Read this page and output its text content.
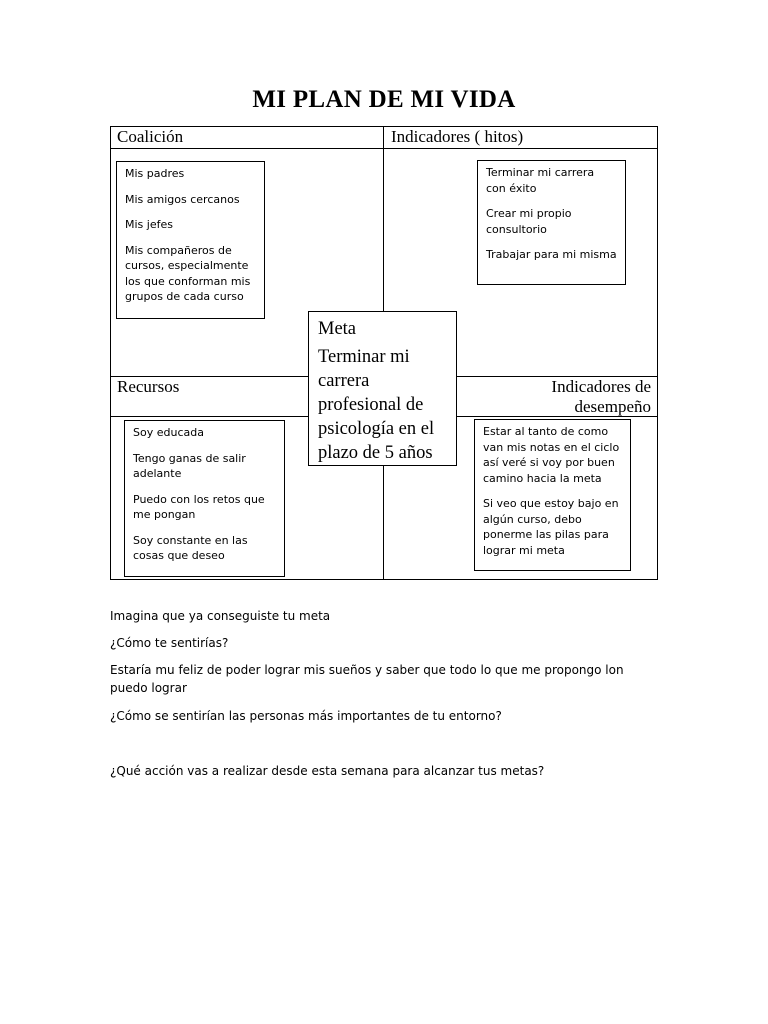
MI PLAN DE MI VIDA
Coalición	Indicadores ( hitos)
Recursos	Indicadores de
desempeño

Mis padres

Mis amigos cercanos

Mis jefes

Mis compañeros de cursos, especialmente los que conforman mis grupos de cada curso

Terminar mi carrera con éxito

Crear mi propio consultorio

Trabajar para mi misma

Soy educada

Tengo ganas de salir adelante

Puedo con los retos que me pongan

Soy constante en las cosas que deseo

Estar al tanto de como van mis notas en el ciclo así veré si voy por buen camino hacia la meta

Si veo que estoy bajo en algún curso, debo ponerme las pilas para lograr mi meta

Meta

Terminar mi carrera profesional de psicología en el plazo de 5 años

Imagina que ya conseguiste tu meta
¿Cómo te sentirías?
Estaría mu feliz de poder lograr mis sueños y saber que todo lo que me propongo lon puedo lograr
¿Cómo se sentirían las personas más importantes de tu entorno?
¿Qué acción vas a realizar desde esta semana para alcanzar tus metas?
